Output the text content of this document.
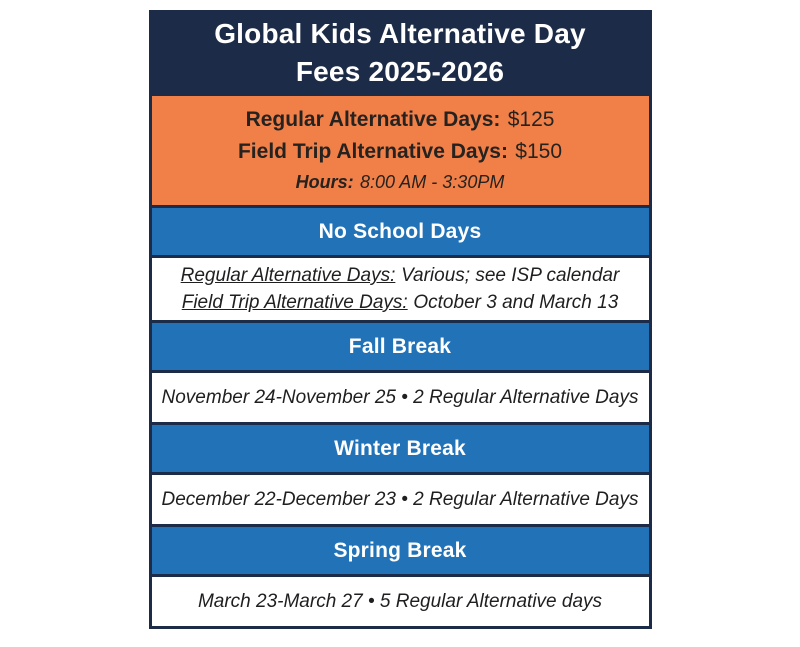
Global Kids Alternative Day
Fees 2025-2026
Regular Alternative Days: $125
Field Trip Alternative Days: $150
Hours: 8:00 AM - 3:30PM
No School Days
Regular Alternative Days: Various; see ISP calendar
Field Trip Alternative Days: October 3 and March 13
Fall Break
November 24-November 25 • 2 Regular Alternative Days
Winter Break
December 22-December 23 • 2 Regular Alternative Days
Spring Break
March 23-March 27 • 5 Regular Alternative days
